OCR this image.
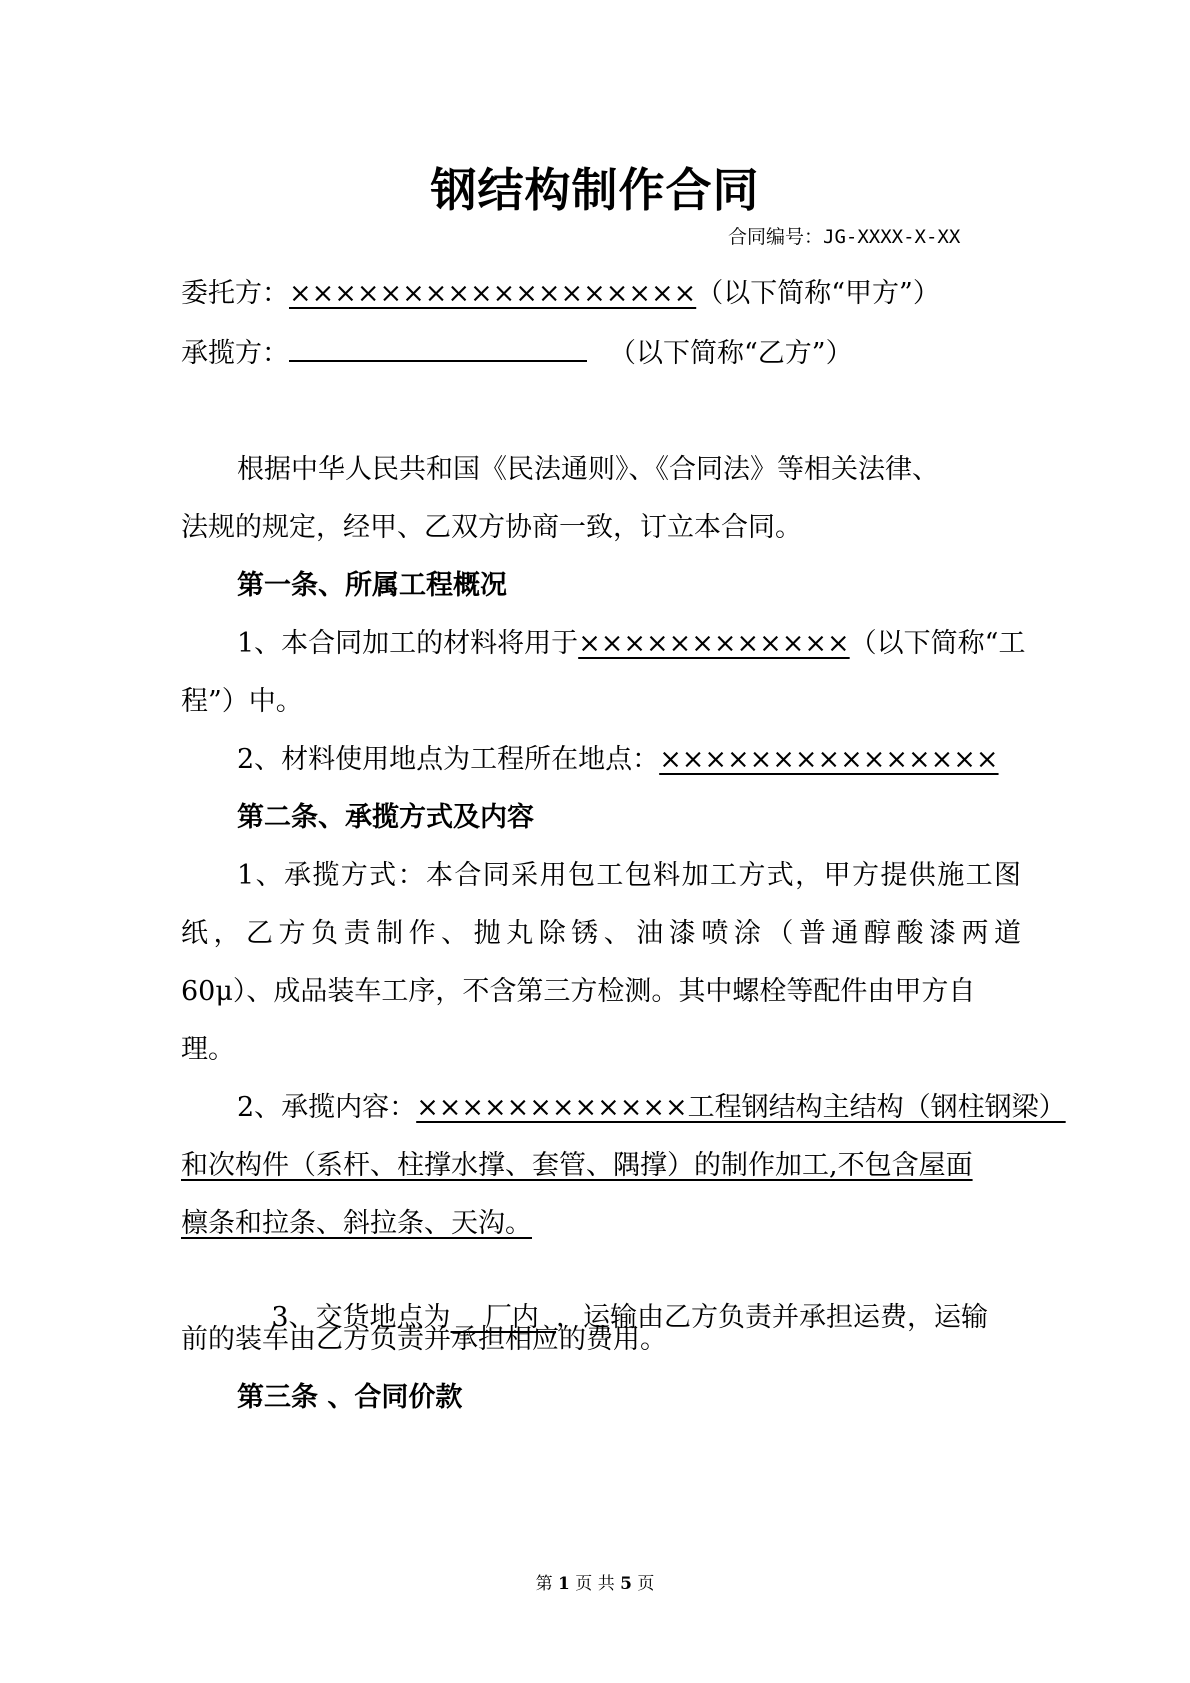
钢结构制作合同
合同编号：JG-XXXX-X-XX
委托方：××××××××××××××××××（以下简称“甲方”）
承揽方：	（以下简称“乙方”）
根据中华人民共和国《民法通则》、《合同法》等相关法律、
法规的规定，经甲、乙双方协商一致，订立本合同。
第一条、所属工程概况
1、本合同加工的材料将用于××××××××××××（以下简称“工
程”）中。
2、材料使用地点为工程所在地点：×××××××××××××××
第二条、承揽方式及内容
1、承揽方式：本合同采用包工包料加工方式，甲方提供施工图
纸，乙方负责制作、抛丸除锈、油漆喷涂（普通醇酸漆两道
60μ）、成品装车工序，不含第三方检测。其中螺栓等配件由甲方自
理。
2、承揽内容：××××××××××××工程钢结构主结构（钢柱钢梁）
和次构件（系杆、柱撑水撑、套管、隅撑）的制作加工,不包含屋面
檩条和拉条、斜拉条、天沟。

3、交货地点为    厂内  ，运输由乙方负责并承担运费，运输

前的装车由乙方负责并承担相应的费用。
第三条 、合同价款
第 1 页 共 5 页
